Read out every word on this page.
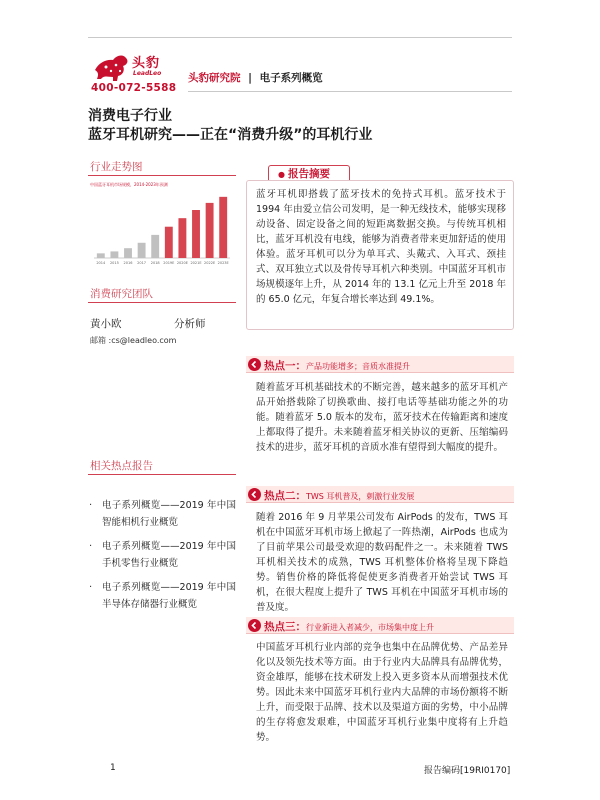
头豹
LeadLeo
400-072-5588
头豹研究院 | 电子系列概览
消费电子行业
蓝牙耳机研究——正在“消费升级”的耳机行业
行业走势图
中国蓝牙耳机市场规模，2014-2023年预测
2014 2015 2016 2017 2018 2019E 2020E 2021E 2022E 2023E
消费研究团队
黄小欧	分析师
邮箱 :cs@leadleo.com
相关热点报告
· 电子系列概览——2019 年中国智能相机行业概览
· 电子系列概览——2019 年中国手机零售行业概览
· 电子系列概览——2019 年中国半导体存储器行业概览
● 报告摘要
蓝牙耳机即搭载了蓝牙技术的免持式耳机。蓝牙技术于 1994 年由爱立信公司发明，是一种无线技术，能够实现移动设备、固定设备之间的短距离数据交换。与传统耳机相比，蓝牙耳机没有电线，能够为消费者带来更加舒适的使用体验。蓝牙耳机可以分为单耳式、头戴式、入耳式、颈挂式、双耳独立式以及骨传导耳机六种类别。中国蓝牙耳机市场规模逐年上升，从 2014 年的 13.1 亿元上升至 2018 年的 65.0 亿元，年复合增长率达到 49.1%。
热点一：产品功能增多；音质水准提升
随着蓝牙耳机基础技术的不断完善，越来越多的蓝牙耳机产品开始搭载除了切换歌曲、接打电话等基础功能之外的功能。随着蓝牙 5.0 版本的发布，蓝牙技术在传输距离和速度上都取得了提升。未来随着蓝牙相关协议的更新、压缩编码技术的进步，蓝牙耳机的音质水准有望得到大幅度的提升。
热点二：TWS 耳机普及，刺激行业发展
随着 2016 年 9 月苹果公司发布 AirPods 的发布，TWS 耳机在中国蓝牙耳机市场上掀起了一阵热潮，AirPods 也成为了目前苹果公司最受欢迎的数码配件之一。未来随着 TWS 耳机相关技术的成熟，TWS 耳机整体价格将呈现下降趋势。销售价格的降低将促使更多消费者开始尝试 TWS 耳机，在很大程度上提升了 TWS 耳机在中国蓝牙耳机市场的普及度。
热点三：行业新进入者减少，市场集中度上升
中国蓝牙耳机行业内部的竞争也集中在品牌优势、产品差异化以及领先技术等方面。由于行业内大品牌具有品牌优势，资金雄厚，能够在技术研发上投入更多资本从而增强技术优势。因此未来中国蓝牙耳机行业内大品牌的市场份额将不断上升，而受限于品牌、技术以及渠道方面的劣势，中小品牌的生存将愈发艰难，中国蓝牙耳机行业集中度将有上升趋势。
1	报告编码[19RI0170]
